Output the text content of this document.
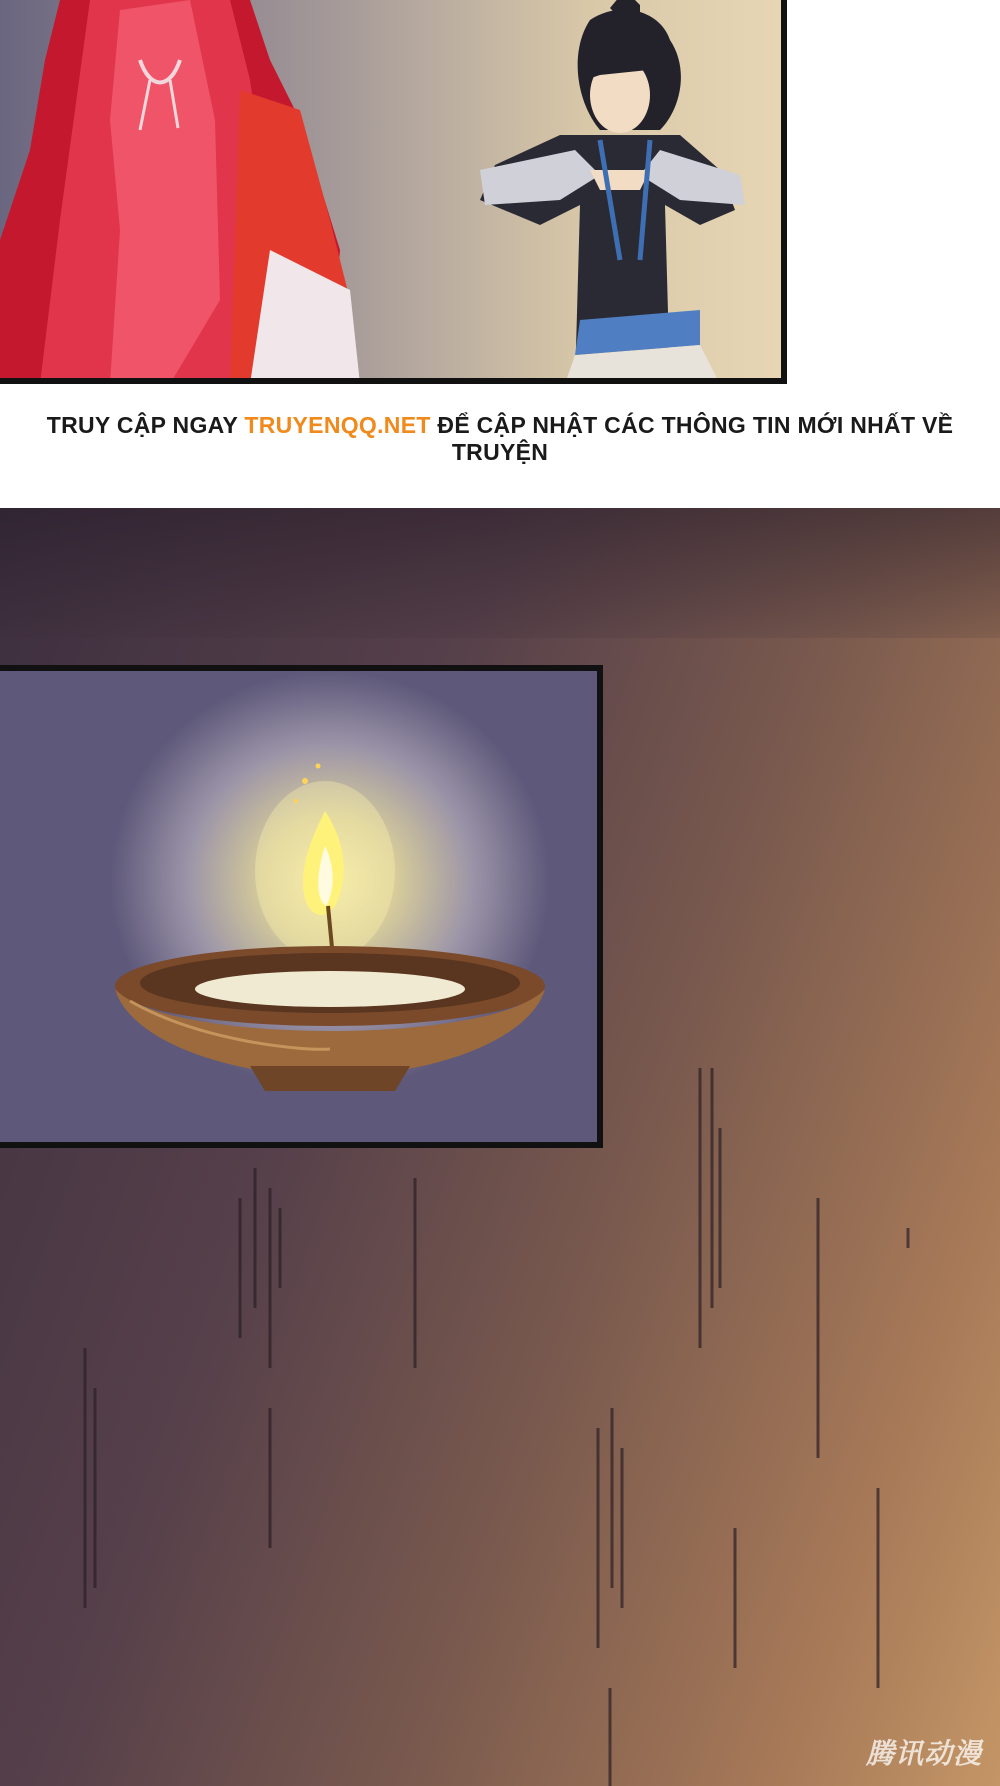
TRUY CẬP NGAY TRUYENQQ.NET ĐỂ CẬP NHẬT CÁC THÔNG TIN MỚI NHẤT VỀ TRUYỆN
腾讯动漫
